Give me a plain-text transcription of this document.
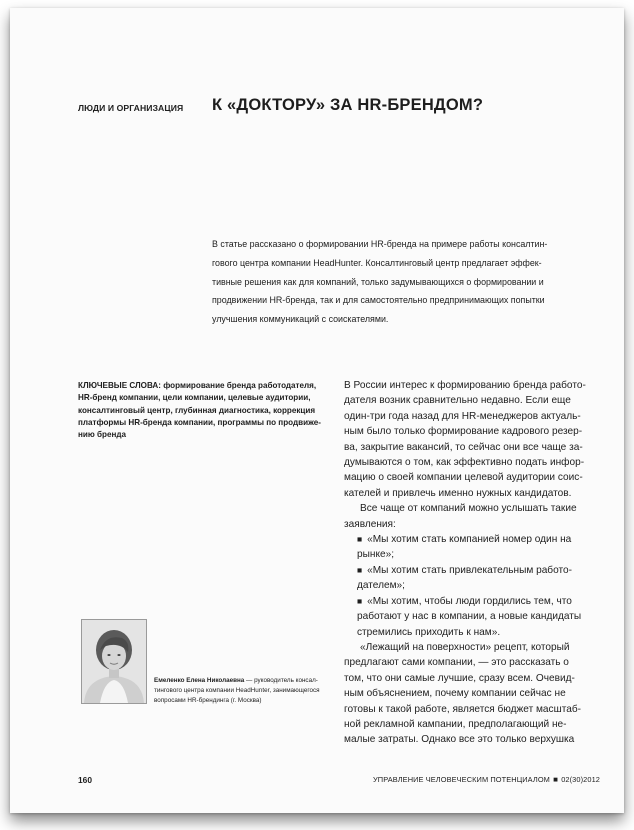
ЛЮДИ И ОРГАНИЗАЦИЯ К «ДОКТОРУ» ЗА HR-БРЕНДОМ?
В статье рассказано о формировании HR-бренда на примере работы консалтин-
гового центра компании HeadHunter. Консалтинговый центр предлагает эффек-
тивные решения как для компаний, только задумывающихся о формировании и
продвижении HR-бренда, так и для самостоятельно предпринимающих попытки
улучшения коммуникаций с соискателями.
КЛЮЧЕВЫЕ СЛОВА: формирование бренда работодателя,
HR-бренд компании, цели компании, целевые аудитории,
консалтинговый центр, глубинная диагностика, коррекция
платформы HR-бренда компании, программы по продвиже-
нию бренда
Емеленко Елена Николаевна — руководитель консал-
тингового центра компании HeadHunter, занимающегося
вопросами HR-брендинга (г. Москва)

В России интерес к формированию бренда работо-
дателя возник сравнительно недавно. Если еще
один-три года назад для HR-менеджеров актуаль-
ным было только формирование кадрового резер-
ва, закрытие вакансий, то сейчас они все чаще за-
думываются о том, как эффективно подать инфор-
мацию о своей компании целевой аудитории соис-
кателей и привлечь именно нужных кандидатов.

Все чаще от компаний можно услышать такие
заявления:

■ «Мы хотим стать компанией номер один на
рынке»;

■ «Мы хотим стать привлекательным работо-
дателем»;

■ «Мы хотим, чтобы люди гордились тем, что
работают у нас в компании, а новые кандидаты
стремились приходить к нам».

«Лежащий на поверхности» рецепт, который
предлагают сами компании, — это рассказать о
том, что они самые лучшие, сразу всем. Очевид-
ным объяснением, почему компании сейчас не
готовы к такой работе, является бюджет масштаб-
ной рекламной кампании, предполагающий не-
малые затраты. Однако все это только верхушка

160	УПРАВЛЕНИЕ ЧЕЛОВЕЧЕСКИМ ПОТЕНЦИАЛОМ ■ 02(30)2012
